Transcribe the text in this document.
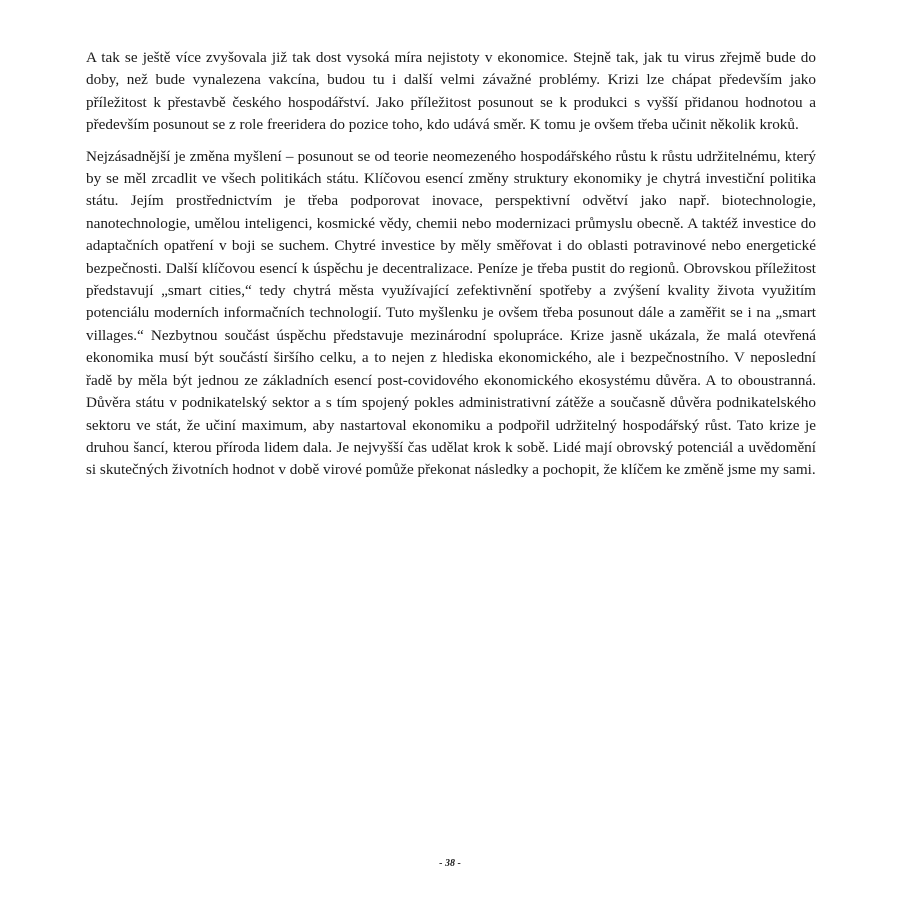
A tak se ještě více zvyšovala již tak dost vysoká míra nejistoty v ekonomice. Stejně tak, jak tu virus zřejmě bude do doby, než bude vynalezena vakcína, budou tu i další velmi závažné problémy. Krizi lze chápat především jako příležitost k přestavbě českého hospodářství. Jako příležitost posunout se k produkci s vyšší přidanou hodnotou a především posunout se z role freeridera do pozice toho, kdo udává směr. K tomu je ovšem třeba učinit několik kroků.

Nejzásadnější je změna myšlení – posunout se od teorie neomezeného hospodářského růstu k růstu udržitelnému, který by se měl zrcadlit ve všech politikách státu. Klíčovou esencí změny struktury ekonomiky je chytrá investiční politika státu. Jejím prostřednictvím je třeba podporovat inovace, perspektivní odvětví jako např. biotechnologie, nanotechnologie, umělou inteligenci, kosmické vědy, chemii nebo modernizaci průmyslu obecně. A taktéž investice do adaptačních opatření v boji se suchem. Chytré investice by měly směřovat i do oblasti potravinové nebo energetické bezpečnosti. Další klíčovou esencí k úspěchu je decentralizace. Peníze je třeba pustit do regionů. Obrovskou příležitost představují „smart cities,“ tedy chytrá města využívající zefektivnění spotřeby a zvýšení kvality života využitím potenciálu moderních informačních technologií. Tuto myšlenku je ovšem třeba posunout dále a zaměřit se i na „smart villages.“ Nezbytnou součást úspěchu představuje mezinárodní spolupráce. Krize jasně ukázala, že malá otevřená ekonomika musí být součástí širšího celku, a to nejen z hlediska ekonomického, ale i bezpečnostního. V neposlední řadě by měla být jednou ze základních esencí post-covidového ekonomického ekosystému důvěra. A to oboustranná. Důvěra státu v podnikatelský sektor a s tím spojený pokles administrativní zátěže a současně důvěra podnikatelského sektoru ve stát, že učiní maximum, aby nastartoval ekonomiku a podpořil udržitelný hospodářský růst. Tato krize je druhou šancí, kterou příroda lidem dala. Je nejvyšší čas udělat krok k sobě. Lidé mají obrovský potenciál a uvědomění si skutečných životních hodnot v době virové pomůže překonat následky a pochopit, že klíčem ke změně jsme my sami.

- 38 -
